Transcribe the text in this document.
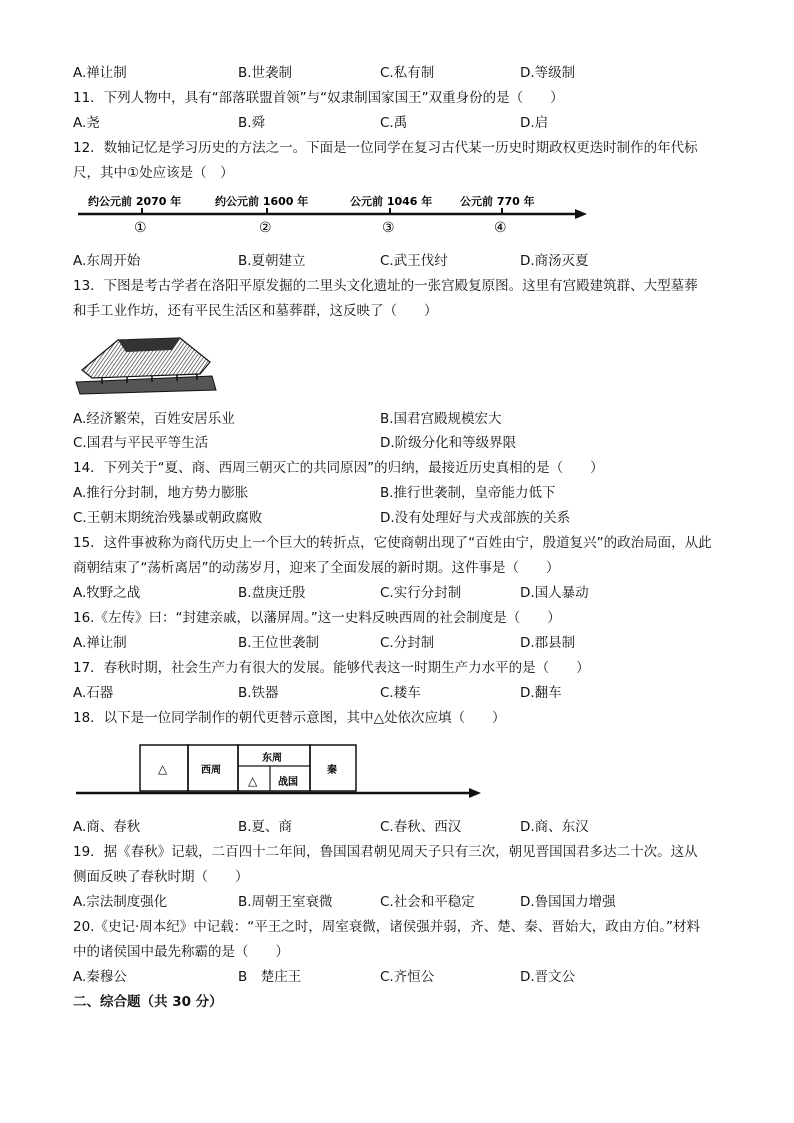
A.禅让制	B.世袭制	C.私有制	D.等级制
11．下列人物中，具有“部落联盟首领”与“奴隶制国家国王”双重身份的是（　　）
A.尧	B.舜	C.禹	D.启
12．数轴记忆是学习历史的方法之一。下面是一位同学在复习古代某一历史时期政权更迭时制作的年代标
尺，其中①处应该是（　）
约公元前 2070 年	约公元前 1600 年	公元前 1046 年	公元前 770 年
①	②	③	④
A.东周开始	B.夏朝建立	C.武王伐纣	D.商汤灭夏
13．下图是考古学者在洛阳平原发掘的二里头文化遗址的一张宫殿复原图。这里有宫殿建筑群、大型墓葬
和手工业作坊，还有平民生活区和墓葬群，这反映了（　　）
A.经济繁荣，百姓安居乐业	B.国君宫殿规模宏大
C.国君与平民平等生活	D.阶级分化和等级界限
14．下列关于“夏、商、西周三朝灭亡的共同原因”的归纳，最接近历史真相的是（　　）
A.推行分封制，地方势力膨胀	B.推行世袭制，皇帝能力低下
C.王朝末期统治残暴或朝政腐败	D.没有处理好与犬戎部族的关系
15．这件事被称为商代历史上一个巨大的转折点，它使商朝出现了“百姓由宁，殷道复兴”的政治局面，从此
商朝结束了“荡析离居”的动荡岁月，迎来了全面发展的新时期。这件事是（　　）
A.牧野之战	B.盘庚迁殷	C.实行分封制	D.国人暴动
16.《左传》曰：“封建亲戚，以藩屏周。”这一史料反映西周的社会制度是（　　）
A.禅让制	B.王位世袭制	C.分封制	D.郡县制
17．春秋时期，社会生产力有很大的发展。能够代表这一时期生产力水平的是（　　）
A.石器	B.铁器	C.耧车	D.翻车
18．以下是一位同学制作的朝代更替示意图，其中△处依次应填（　　）
△	西周
东周
△ 战国
秦
A.商、春秋	B.夏、商	C.春秋、西汉	D.商、东汉
19．据《春秋》记载，二百四十二年间，鲁国国君朝见周天子只有三次，朝见晋国国君多达二十次。这从
侧面反映了春秋时期（　　）
A.宗法制度强化	B.周朝王室衰微	C.社会和平稳定	D.鲁国国力增强
20.《史记·周本纪》中记载：“平王之时，周室衰微，诸侯强并弱，齐、楚、秦、晋始大，政由方伯。”材料
中的诸侯国中最先称霸的是（　　）
A.秦穆公	B　楚庄王	C.齐恒公	D.晋文公
二、综合题（共 30 分）
